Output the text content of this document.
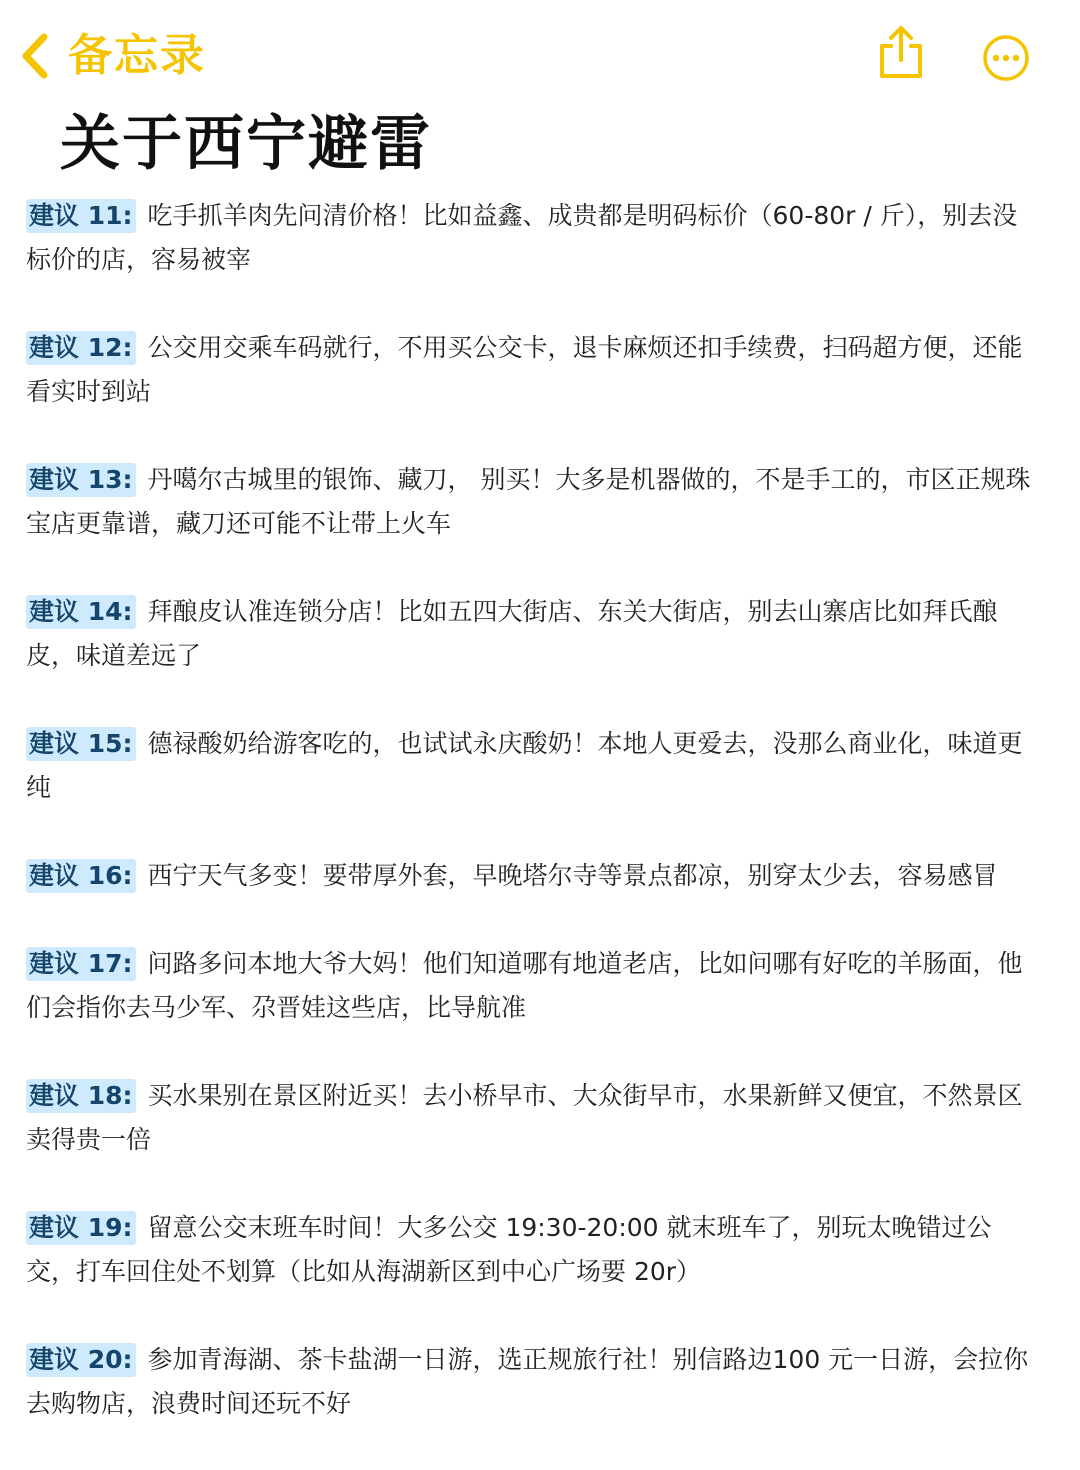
备忘录
关于西宁避雷
建议 11: 吃手抓羊肉先问清价格！比如益鑫、成贵都是明码标价（60-80r / 斤），别去没标价的店，容易被宰
建议 12: 公交用交乘车码就行，不用买公交卡，退卡麻烦还扣手续费，扫码超方便，还能看实时到站
建议 13: 丹噶尔古城里的银饰、藏刀， 别买！大多是机器做的，不是手工的，市区正规珠宝店更靠谱，藏刀还可能不让带上火车
建议 14: 拜酿皮认准连锁分店！比如五四大街店、东关大街店，别去山寨店比如拜氏酿皮，味道差远了
建议 15: 德禄酸奶给游客吃的，也试试永庆酸奶！本地人更爱去，没那么商业化，味道更纯
建议 16: 西宁天气多变！要带厚外套，早晚塔尔寺等景点都凉，别穿太少去，容易感冒
建议 17: 问路多问本地大爷大妈！他们知道哪有地道老店，比如问哪有好吃的羊肠面，他们会指你去马少军、尕晋娃这些店，比导航准
建议 18: 买水果别在景区附近买！去小桥早市、大众街早市，水果新鲜又便宜，不然景区卖得贵一倍
建议 19: 留意公交末班车时间！大多公交 19:30-20:00 就末班车了，别玩太晚错过公交，打车回住处不划算（比如从海湖新区到中心广场要 20r）
建议 20: 参加青海湖、茶卡盐湖一日游，选正规旅行社！别信路边100 元一日游，会拉你去购物店，浪费时间还玩不好
